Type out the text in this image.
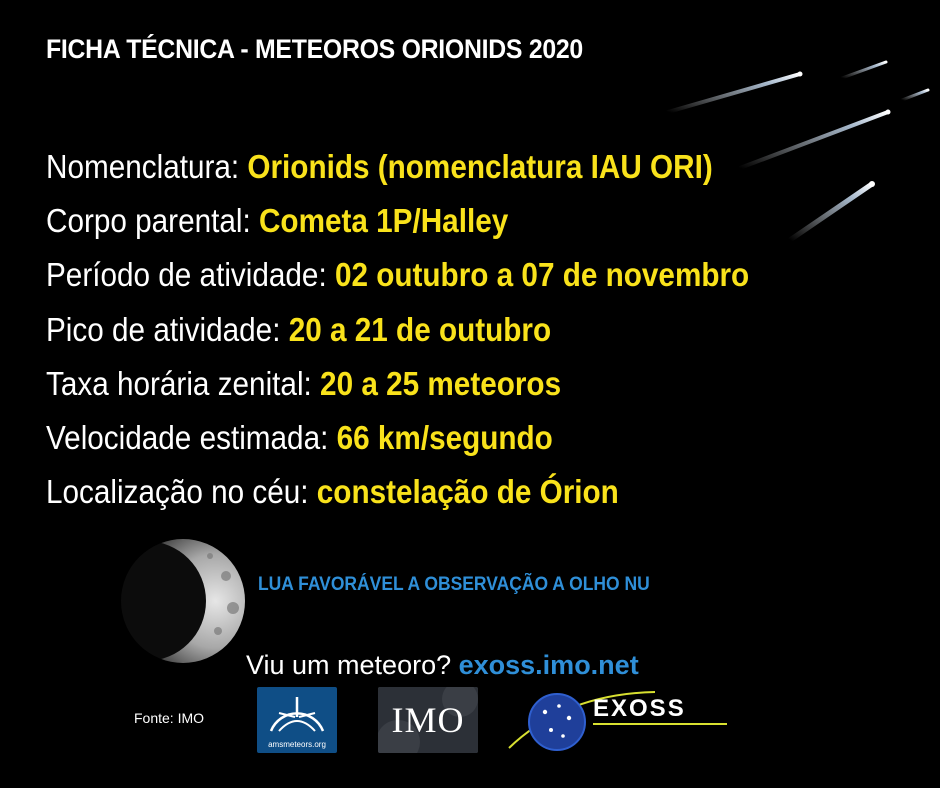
FICHA TÉCNICA - METEOROS ORIONIDS 2020
Nomenclatura: Orionids (nomenclatura IAU ORI)
Corpo parental: Cometa 1P/Halley
Período de atividade: 02 outubro a 07 de novembro
Pico de atividade: 20 a 21 de outubro
Taxa horária zenital: 20 a 25 meteoros
Velocidade estimada: 66 km/segundo
Localização no céu: constelação de Órion
LUA FAVORÁVEL A OBSERVAÇÃO A OLHO NU
Viu um meteoro? exoss.imo.net
Fonte: IMO
amsmeteors.org
IMO	EXOSS
